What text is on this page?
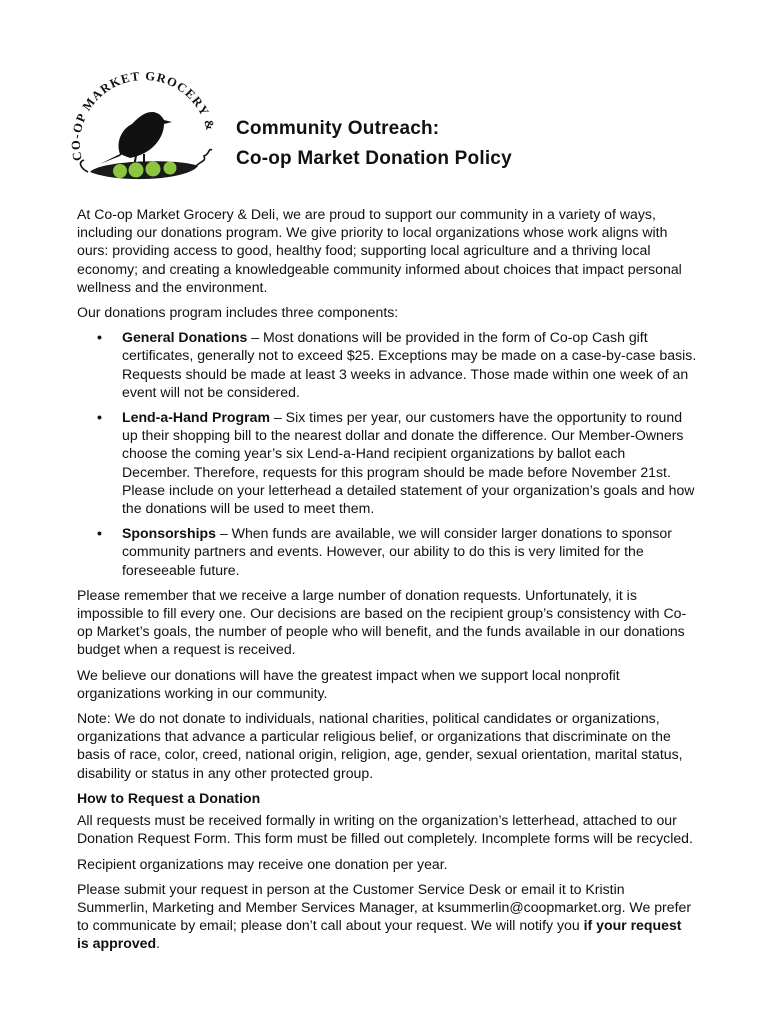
CO-OP MARKET GROCERY & Community Outreach:
Co-op Market Donation Policy

At Co-op Market Grocery & Deli, we are proud to support our community in a variety of ways, including our donations program. We give priority to local organizations whose work aligns with ours: providing access to good, healthy food; supporting local agriculture and a thriving local economy; and creating a knowledgeable community informed about choices that impact personal wellness and the environment.

Our donations program includes three components:

• General Donations – Most donations will be provided in the form of Co-op Cash gift certificates, generally not to exceed $25. Exceptions may be made on a case-by-case basis. Requests should be made at least 3 weeks in advance. Those made within one week of an event will not be considered.
• Lend-a-Hand Program – Six times per year, our customers have the opportunity to round up their shopping bill to the nearest dollar and donate the difference. Our Member-Owners choose the coming year’s six Lend-a-Hand recipient organizations by ballot each December. Therefore, requests for this program should be made before November 21st. Please include on your letterhead a detailed statement of your organization’s goals and how the donations will be used to meet them.
• Sponsorships – When funds are available, we will consider larger donations to sponsor community partners and events. However, our ability to do this is very limited for the foreseeable future.

Please remember that we receive a large number of donation requests. Unfortunately, it is impossible to fill every one. Our decisions are based on the recipient group’s consistency with Co-op Market’s goals, the number of people who will benefit, and the funds available in our donations budget when a request is received.

We believe our donations will have the greatest impact when we support local nonprofit organizations working in our community.

Note: We do not donate to individuals, national charities, political candidates or organizations, organizations that advance a particular religious belief, or organizations that discriminate on the basis of race, color, creed, national origin, religion, age, gender, sexual orientation, marital status, disability or status in any other protected group.

How to Request a Donation

All requests must be received formally in writing on the organization’s letterhead, attached to our Donation Request Form. This form must be filled out completely. Incomplete forms will be recycled.

Recipient organizations may receive one donation per year.

Please submit your request in person at the Customer Service Desk or email it to Kristin Summerlin, Marketing and Member Services Manager, at ksummerlin@coopmarket.org. We prefer to communicate by email; please don’t call about your request. We will notify you if your request is approved.
